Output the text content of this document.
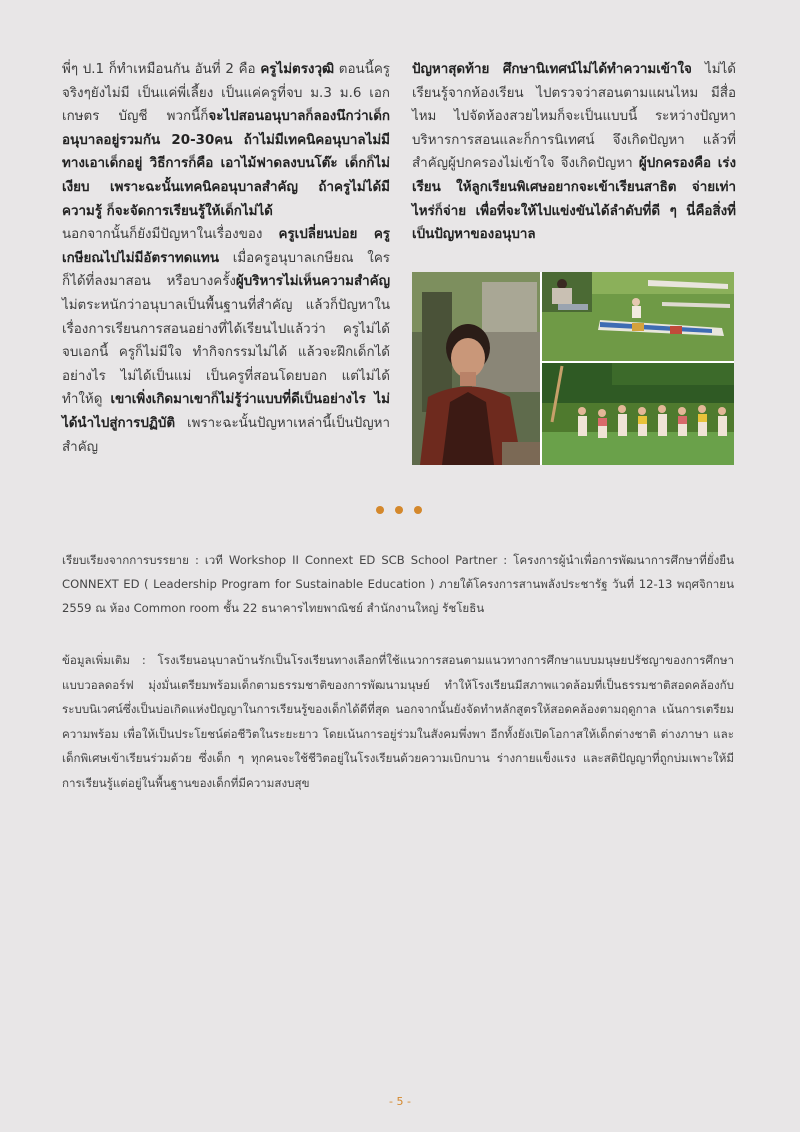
พี่ๆ ป.1 ก็ทำเหมือนกัน อันที่ 2 คือ ครูไม่ตรงวุฒิ ตอนนี้ครูจริงๆยังไม่มี เป็นแค่พี่เลี้ยง เป็นแค่ครูที่จบ ม.3 ม.6 เอกเกษตร บัญชี พวกนี้ก็จะไปสอนอนุบาลก็ลองนึกว่าเด็กอนุบาลอยู่รวมกัน 20-30คน ถ้าไม่มีเทคนิคอนุบาลไม่มีทางเอาเด็กอยู่ วิธีการก็คือ เอาไม้ฟาดลงบนโต๊ะ เด็กก็ไม่เงียบ เพราะฉะนั้นเทคนิคอนุบาลสำคัญ ถ้าครูไม่ได้มีความรู้ ก็จะจัดการเรียนรู้ให้เด็กไม่ได้
นอกจากนั้นก็ยังมีปัญหาในเรื่องของ ครูเปลี่ยนบ่อย ครูเกษียณไปไม่มีอัตราทดแทน เมื่อครูอนุบาลเกษียณ ใครก็ได้ที่ลงมาสอน หรือบางครั้งผู้บริหารไม่เห็นความสำคัญ ไม่ตระหนักว่าอนุบาลเป็นพื้นฐานที่สำคัญ แล้วก็ปัญหาในเรื่องการเรียนการสอนอย่างที่ได้เรียนไปแล้วว่า ครูไม่ได้จบเอกนี้ ครูก็ไม่มีใจ ทำกิจกรรมไม่ได้ แล้วจะฝึกเด็กได้อย่างไร ไม่ได้เป็นแม่ เป็นครูที่สอนโดยบอก แต่ไม่ได้ทำให้ดู เขาเพิ่งเกิดมาเขาก็ไม่รู้ว่าแบบที่ดีเป็นอย่างไร ไม่ได้นำไปสู่การปฏิบัติ เพราะฉะนั้นปัญหาเหล่านี้เป็นปัญหาสำคัญ
ปัญหาสุดท้าย ศึกษานิเทศน์ไม่ได้ทำความเข้าใจ ไม่ได้เรียนรู้จากห้องเรียน ไปตรวจว่าสอนตามแผนไหม มีสื่อไหม ไปจัดห้องสวยไหมก็จะเป็นแบบนี้ ระหว่างปัญหาบริหารการสอนและก็การนิเทศน์ จึงเกิดปัญหา แล้วที่สำคัญผู้ปกครองไม่เข้าใจ จึงเกิดปัญหา ผู้ปกครองคือ เร่งเรียน ให้ลูกเรียนพิเศษอยากจะเข้าเรียนสาธิต จ่ายเท่าไหร่ก็จ่าย เพื่อที่จะให้ไปแข่งขันได้ลำดับที่ดี ๆ นี่คือสิ่งที่เป็นปัญหาของอนุบาล
เรียบเรียงจากการบรรยาย : เวที Workshop II Connext ED SCB School Partner : โครงการผู้นำเพื่อการพัฒนาการศึกษาที่ยั่งยืน CONNEXT ED ( Leadership Program for Sustainable Education ) ภายใต้โครงการสานพลังประชารัฐ วันที่ 12-13 พฤศจิกายน 2559 ณ ห้อง Common room ชั้น 22 ธนาคารไทยพาณิชย์ สำนักงานใหญ่ รัชโยธิน
ข้อมูลเพิ่มเติม : โรงเรียนอนุบาลบ้านรักเป็นโรงเรียนทางเลือกที่ใช้แนวการสอนตามแนวทางการศึกษาแบบมนุษยปรัชญาของการศึกษาแบบวอลดอร์ฟ มุ่งมั่นเตรียมพร้อมเด็กตามธรรมชาติของการพัฒนามนุษย์ ทำให้โรงเรียนมีสภาพแวดล้อมที่เป็นธรรมชาติสอดคล้องกับระบบนิเวศน์ซึ่งเป็นบ่อเกิดแห่งปัญญาในการเรียนรู้ของเด็กได้ดีที่สุด นอกจากนั้นยังจัดทำหลักสูตรให้สอดคล้องตามฤดูกาล เน้นการเตรียมความพร้อม เพื่อให้เป็นประโยชน์ต่อชีวิตในระยะยาว โดยเน้นการอยู่ร่วมในสังคมพึ่งพา อีกทั้งยังเปิดโอกาสให้เด็กต่างชาติ ต่างภาษา และเด็กพิเศษเข้าเรียนร่วมด้วย ซึ่งเด็ก ๆ ทุกคนจะใช้ชีวิตอยู่ในโรงเรียนด้วยความเบิกบาน ร่างกายแข็งแรง และสติปัญญาที่ถูกบ่มเพาะให้มีการเรียนรู้แต่อยู่ในพื้นฐานของเด็กที่มีความสงบสุข
- 5 -
